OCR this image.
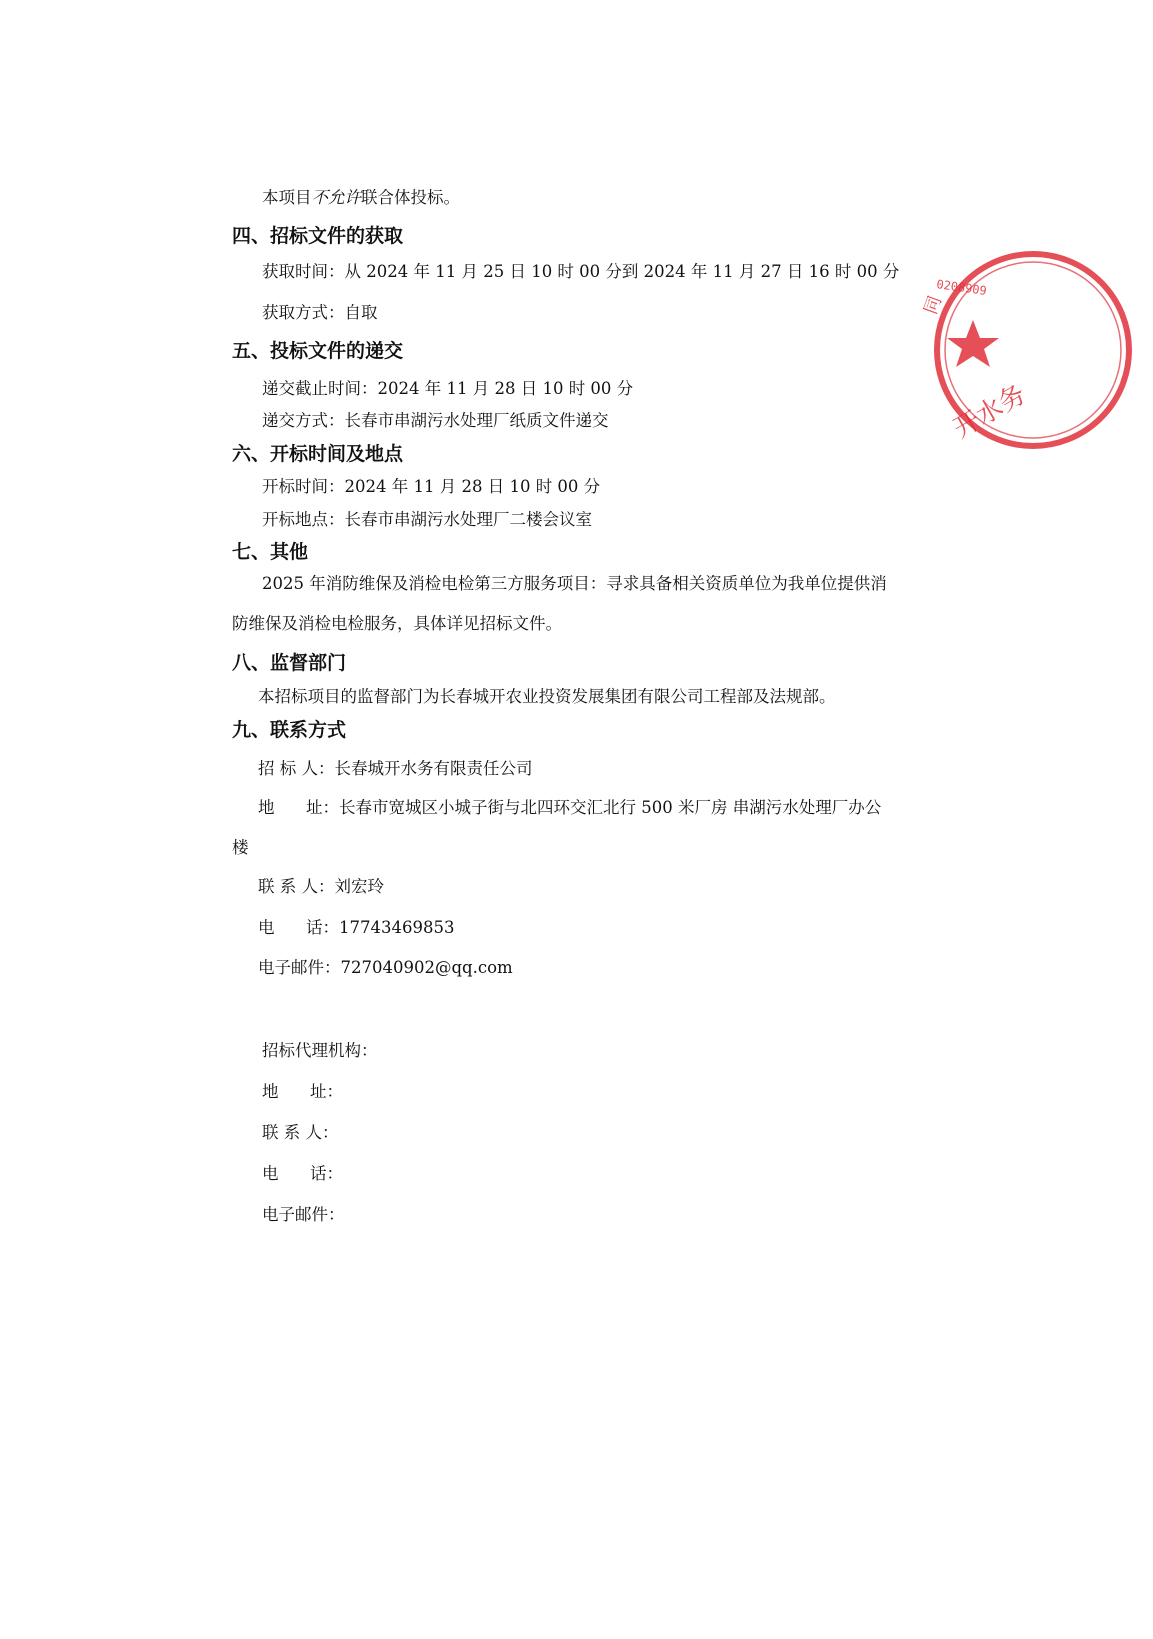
本项目不允许联合体投标。
四、招标文件的获取
获取时间：从 2024 年 11 月 25 日 10 时 00 分到 2024 年 11 月 27 日 16 时 00 分
获取方式：自取
五、投标文件的递交
递交截止时间：2024 年 11 月 28 日 10 时 00 分
递交方式：长春市串湖污水处理厂纸质文件递交
六、开标时间及地点
开标时间：2024 年 11 月 28 日 10 时 00 分
开标地点：长春市串湖污水处理厂二楼会议室
七、其他
2025 年消防维保及消检电检第三方服务项目：寻求具备相关资质单位为我单位提供消
防维保及消检电检服务，具体详见招标文件。
八、监督部门
本招标项目的监督部门为长春城开农业投资发展集团有限公司工程部及法规部。
九、联系方式
招 标 人：长春城开水务有限责任公司
地      址：长春市宽城区小城子街与北四环交汇北行 500 米厂房 串湖污水处理厂办公
楼
联 系 人：刘宏玲
电      话：17743469853
电子邮件：727040902@qq.com
招标代理机构：
地      址：
联 系 人：
电      话：
电子邮件：
0208909
同
开水务
